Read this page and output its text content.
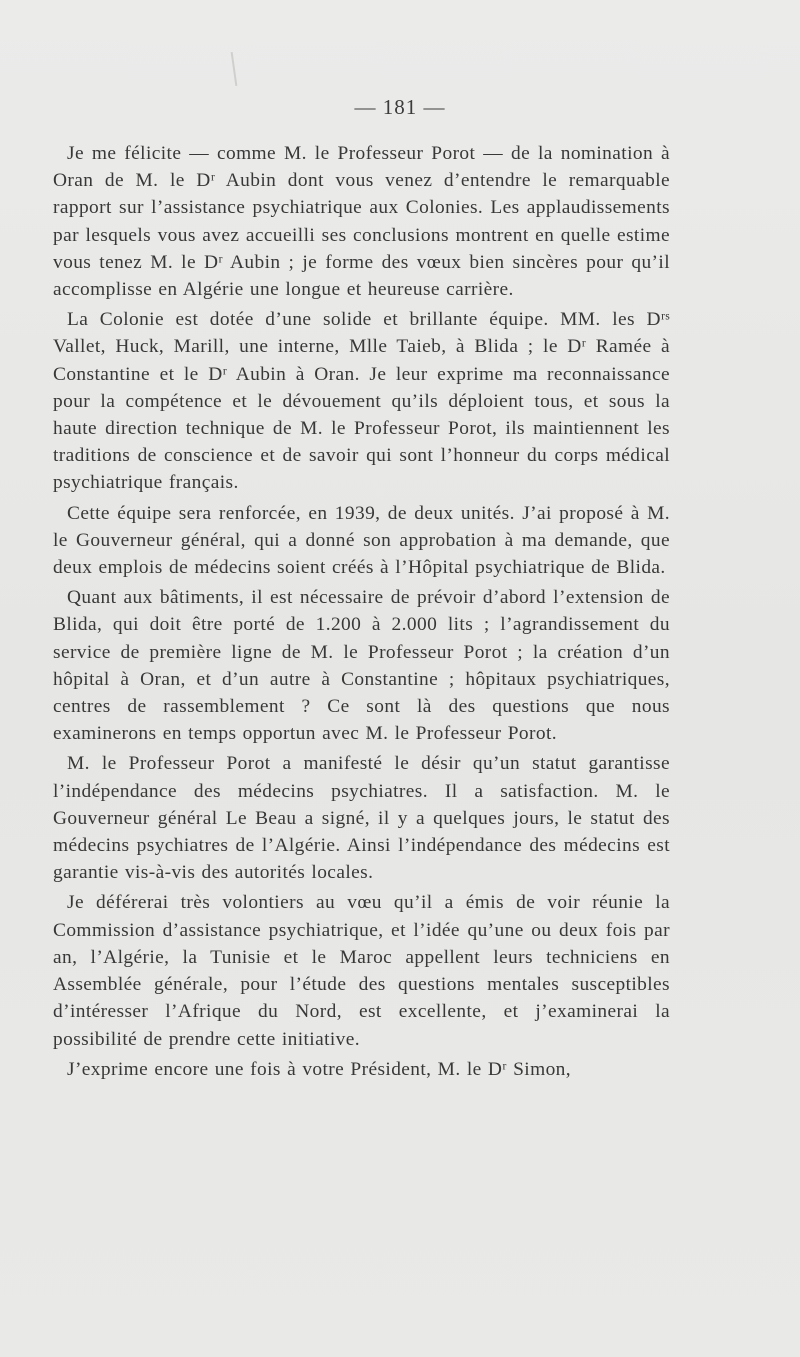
— 181 —

Je me félicite — comme M. le Professeur Porot — de la nomination à Oran de M. le Dʳ Aubin dont vous venez d’entendre le remarquable rapport sur l’assistance psychiatrique aux Colonies. Les applaudissements par lesquels vous avez accueilli ses conclusions montrent en quelle estime vous tenez M. le Dʳ Aubin ; je forme des vœux bien sincères pour qu’il accomplisse en Algérie une longue et heureuse carrière.

La Colonie est dotée d’une solide et brillante équipe. MM. les Dʳˢ Vallet, Huck, Marill, une interne, Mlle Taieb, à Blida ; le Dʳ Ramée à Constantine et le Dʳ Aubin à Oran. Je leur exprime ma reconnaissance pour la compétence et le dévouement qu’ils déploient tous, et sous la haute direction technique de M. le Professeur Porot, ils maintiennent les traditions de conscience et de savoir qui sont l’honneur du corps médical psychiatrique français.

Cette équipe sera renforcée, en 1939, de deux unités. J’ai proposé à M. le Gouverneur général, qui a donné son approbation à ma demande, que deux emplois de médecins soient créés à l’Hôpital psychiatrique de Blida.

Quant aux bâtiments, il est nécessaire de prévoir d’abord l’extension de Blida, qui doit être porté de 1.200 à 2.000 lits ; l’agrandissement du service de première ligne de M. le Professeur Porot ; la création d’un hôpital à Oran, et d’un autre à Constantine ; hôpitaux psychiatriques, centres de rassemblement ? Ce sont là des questions que nous examinerons en temps opportun avec M. le Professeur Porot.

M. le Professeur Porot a manifesté le désir qu’un statut garantisse l’indépendance des médecins psychiatres. Il a satisfaction. M. le Gouverneur général Le Beau a signé, il y a quelques jours, le statut des médecins psychiatres de l’Algérie. Ainsi l’indépendance des médecins est garantie vis-à-vis des autorités locales.

Je déférerai très volontiers au vœu qu’il a émis de voir réunie la Commission d’assistance psychiatrique, et l’idée qu’une ou deux fois par an, l’Algérie, la Tunisie et le Maroc appellent leurs techniciens en Assemblée générale, pour l’étude des questions mentales susceptibles d’intéresser l’Afrique du Nord, est excellente, et j’examinerai la possibilité de prendre cette initiative.

J’exprime encore une fois à votre Président, M. le Dʳ Simon,
